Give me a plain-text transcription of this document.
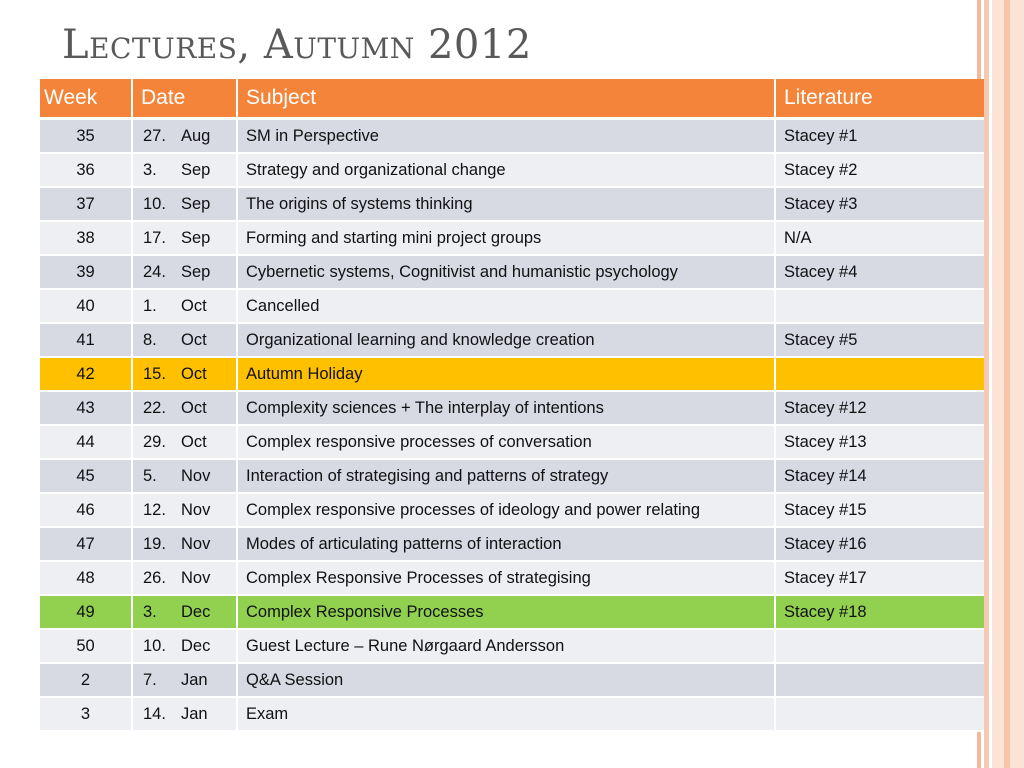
Lectures, Autumn 2012
Week	Date	Subject	Literature
35	27. Aug	SM in Perspective	Stacey #1
36	3. Sep	Strategy and organizational change	Stacey #2
37	10. Sep	The origins of systems thinking	Stacey #3
38	17. Sep	Forming and starting mini project groups	N/A
39	24. Sep	Cybernetic systems, Cognitivist and humanistic psychology	Stacey #4
40	1. Oct	Cancelled	
41	8. Oct	Organizational learning and knowledge creation	Stacey #5
42	15. Oct	Autumn Holiday	
43	22. Oct	Complexity sciences + The interplay of intentions	Stacey #12
44	29. Oct	Complex responsive processes of conversation	Stacey #13
45	5. Nov	Interaction of strategising and patterns of strategy	Stacey #14
46	12. Nov	Complex responsive processes of ideology and power relating	Stacey #15
47	19. Nov	Modes of articulating patterns of interaction	Stacey #16
48	26. Nov	Complex Responsive Processes of strategising	Stacey #17
49	3. Dec	Complex Responsive Processes	Stacey #18
50	10. Dec	Guest Lecture – Rune Nørgaard Andersson	
2	7. Jan	Q&A Session	
3	14. Jan	Exam	
